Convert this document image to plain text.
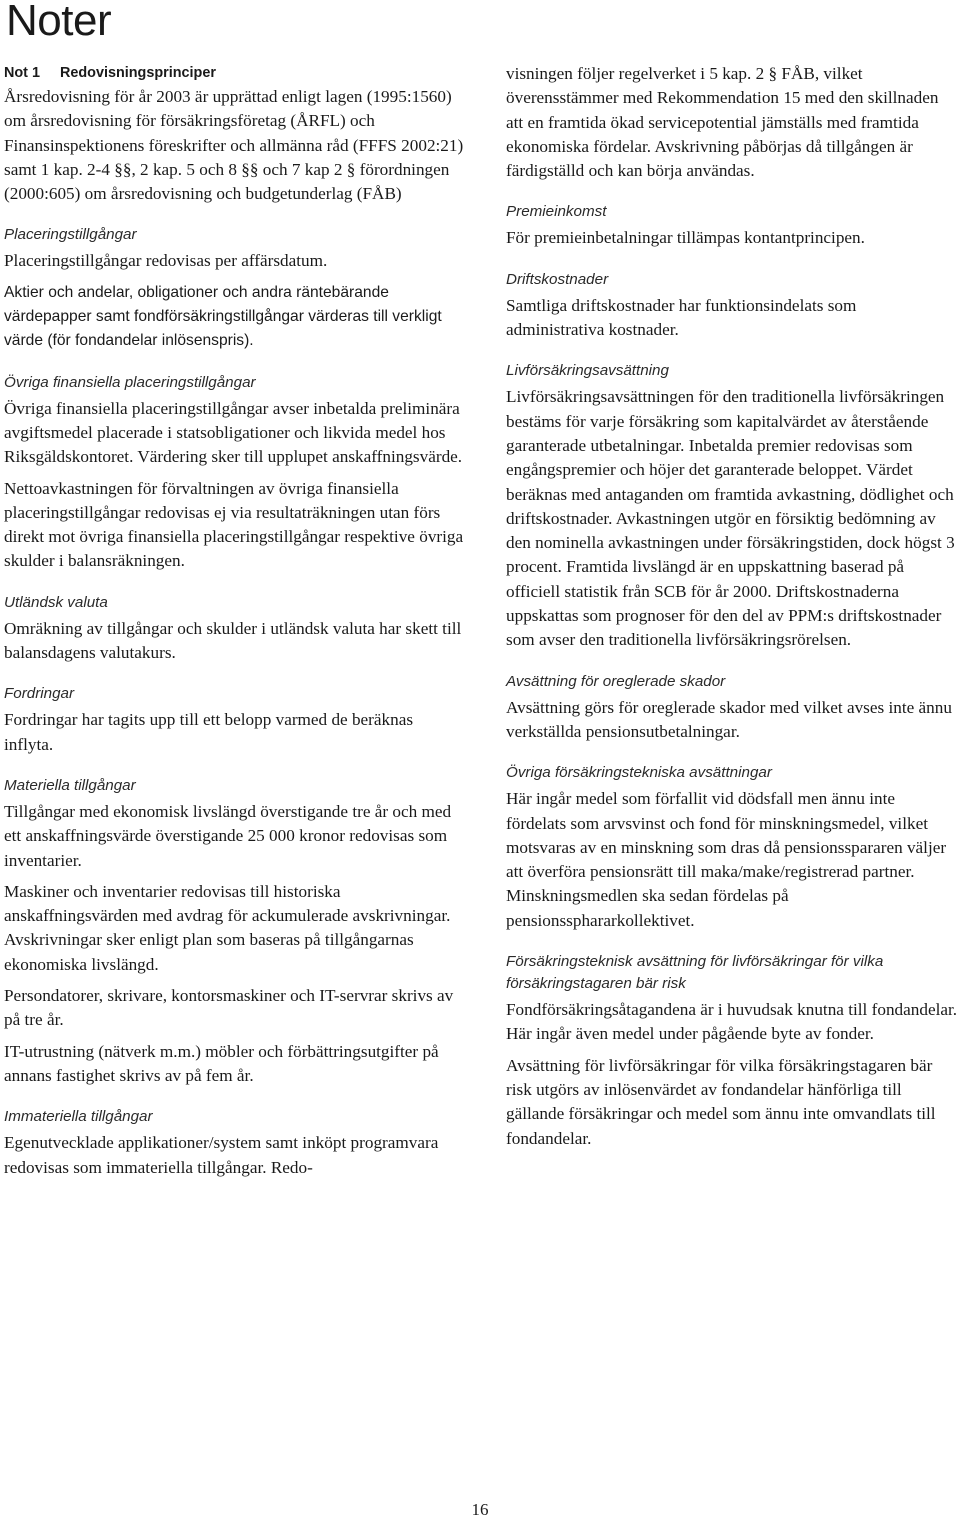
Noter
Not 1 Redovisningsprinciper

Årsredovisning för år 2003 är upprättad enligt lagen (1995:1560) om årsredovisning för försäkringsföretag (ÅRFL) och Finansinspektionens föreskrifter och allmänna råd (FFFS 2002:21) samt 1 kap. 2-4 §§, 2 kap. 5 och 8 §§ och 7 kap 2 § förordningen (2000:605) om årsredovisning och budgetunderlag (FÅB)

Placeringstillgångar

Placeringstillgångar redovisas per affärsdatum.

Aktier och andelar, obligationer och andra räntebärande värdepapper samt fondförsäkringstillgångar värderas till verkligt värde (för fondandelar inlösenspris).

Övriga finansiella placeringstillgångar

Övriga finansiella placeringstillgångar avser inbetalda preliminära avgiftsmedel placerade i statsobligationer och likvida medel hos Riksgäldskontoret. Värdering sker till upplupet anskaffningsvärde.

Nettoavkastningen för förvaltningen av övriga finansiella placeringstillgångar redovisas ej via resultaträkningen utan förs direkt mot övriga finansiella placeringstillgångar respektive övriga skulder i balansräkningen.

Utländsk valuta

Omräkning av tillgångar och skulder i utländsk valuta har skett till balansdagens valutakurs.

Fordringar

Fordringar har tagits upp till ett belopp varmed de beräknas inflyta.

Materiella tillgångar

Tillgångar med ekonomisk livslängd överstigande tre år och med ett anskaffningsvärde överstigande 25 000 kronor redovisas som inventarier.

Maskiner och inventarier redovisas till historiska anskaffningsvärden med avdrag för ackumulerade avskrivningar. Avskrivningar sker enligt plan som baseras på tillgångarnas ekonomiska livslängd.

Persondatorer, skrivare, kontorsmaskiner och IT-servrar skrivs av på tre år.

IT-utrustning (nätverk m.m.) möbler och förbättringsutgifter på annans fastighet skrivs av på fem år.

Immateriella tillgångar

Egenutvecklade applikationer/system samt inköpt programvara redovisas som immateriella tillgångar. Redo-

visningen följer regelverket i 5 kap. 2 § FÅB, vilket överensstämmer med Rekommendation 15 med den skillnaden att en framtida ökad servicepotential jämställs med framtida ekonomiska fördelar. Avskrivning påbörjas då tillgången är färdigställd och kan börja användas.

Premieinkomst

För premieinbetalningar tillämpas kontantprincipen.

Driftskostnader

Samtliga driftskostnader har funktionsindelats som administrativa kostnader.

Livförsäkringsavsättning

Livförsäkringsavsättningen för den traditionella livförsäkringen bestäms för varje försäkring som kapitalvärdet av återstående garanterade utbetalningar. Inbetalda premier redovisas som engångspremier och höjer det garanterade beloppet. Värdet beräknas med antaganden om framtida avkastning, dödlighet och driftskostnader. Avkastningen utgör en försiktig bedömning av den nominella avkastningen under försäkringstiden, dock högst 3 procent. Framtida livslängd är en uppskattning baserad på officiell statistik från SCB för år 2000. Driftskostnaderna uppskattas som prognoser för den del av PPM:s driftskostnader som avser den traditionella livförsäkringsrörelsen.

Avsättning för oreglerade skador

Avsättning görs för oreglerade skador med vilket avses inte ännu verkställda pensionsutbetalningar.

Övriga försäkringstekniska avsättningar

Här ingår medel som förfallit vid dödsfall men ännu inte fördelats som arvsvinst och fond för minskningsmedel, vilket motsvaras av en minskning som dras då pensionsspararen väljer att överföra pensionsrätt till maka/make/registrerad partner. Minskningsmedlen ska sedan fördelas på pensionssphararkollektivet.

Försäkringsteknisk avsättning för livförsäkringar för vilka försäkringstagaren bär risk

Fondförsäkringsåtagandena är i huvudsak knutna till fondandelar. Här ingår även medel under pågående byte av fonder.

Avsättning för livförsäkringar för vilka försäkringstagaren bär risk utgörs av inlösenvärdet av fondandelar hänförliga till gällande försäkringar och medel som ännu inte omvandlats till fondandelar.

16
